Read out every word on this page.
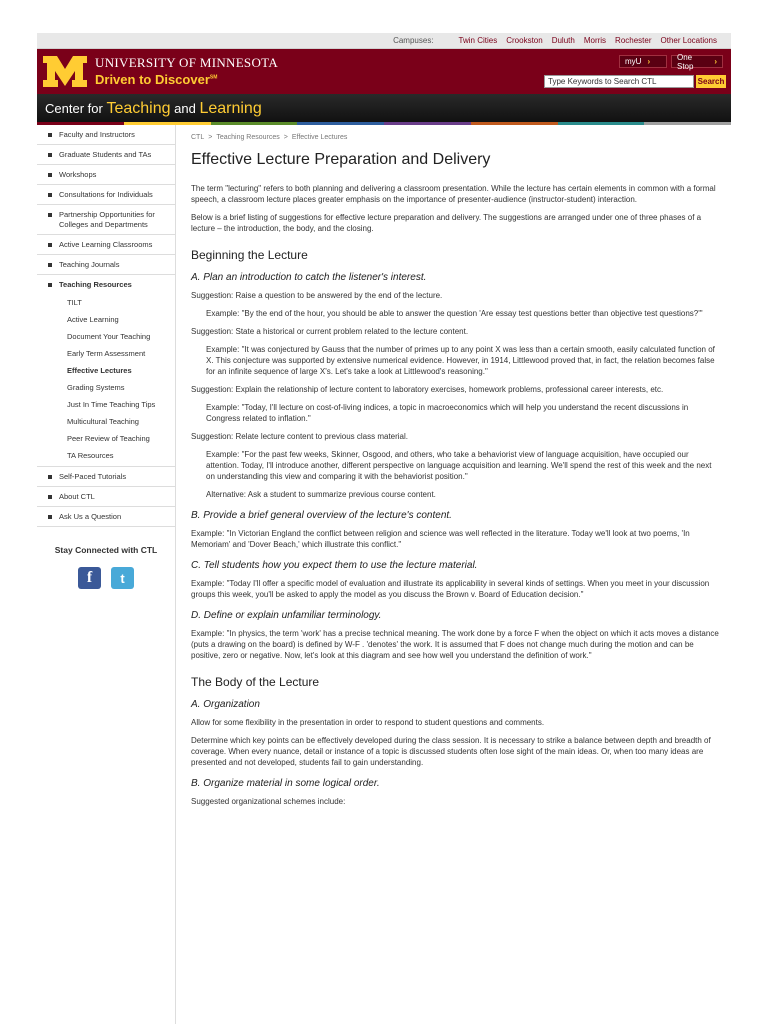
Campuses:	Twin Cities Crookston Duluth Morris Rochester Other Locations
UNIVERSITY OF MINNESOTA
Driven to Discover℠
myU ›	One Stop	›
Type Keywords to Search CTL
Search
Center for Teaching and Learning
Faculty and Instructors
Graduate Students and TAs
Workshops
Consultations for Individuals
Partnership Opportunities for Colleges and Departments
Active Learning Classrooms
Teaching Journals
Teaching Resources
TILT
Active Learning
Document Your Teaching
Early Term Assessment
Effective Lectures
Grading Systems
Just In Time Teaching Tips
Multicultural Teaching
Peer Review of Teaching
TA Resources
Self-Paced Tutorials
About CTL
Ask Us a Question
Stay Connected with CTL
f	t
CTL > Teaching Resources > Effective Lectures
Effective Lecture Preparation and Delivery

The term "lecturing" refers to both planning and delivering a classroom presentation. While the lecture has certain elements in common with a formal speech, a classroom lecture places greater emphasis on the importance of presenter-audience (instructor-student) interaction.

Below is a brief listing of suggestions for effective lecture preparation and delivery. The suggestions are arranged under one of three phases of a lecture – the introduction, the body, and the closing.

Beginning the Lecture
A. Plan an introduction to catch the listener's interest.

Suggestion: Raise a question to be answered by the end of the lecture.

Example: "By the end of the hour, you should be able to answer the question 'Are essay test questions better than objective test questions?'"

Suggestion: State a historical or current problem related to the lecture content.

Example: "It was conjectured by Gauss that the number of primes up to any point X was less than a certain smooth, easily calculated function of X. This conjecture was supported by extensive numerical evidence. However, in 1914, Littlewood proved that, in fact, the relation becomes false for an infinite sequence of large X's. Let's take a look at Littlewood's reasoning."

Suggestion: Explain the relationship of lecture content to laboratory exercises, homework problems, professional career interests, etc.

Example: "Today, I'll lecture on cost-of-living indices, a topic in macroeconomics which will help you understand the recent discussions in Congress related to inflation."

Suggestion: Relate lecture content to previous class material.

Example: "For the past few weeks, Skinner, Osgood, and others, who take a behaviorist view of language acquisition, have occupied our attention. Today, I'll introduce another, different perspective on language acquisition and learning. We'll spend the rest of this week and the next on understanding this view and comparing it with the behaviorist position."

Alternative: Ask a student to summarize previous course content.

B. Provide a brief general overview of the lecture's content.

Example: "In Victorian England the conflict between religion and science was well reflected in the literature. Today we'll look at two poems, 'In Memoriam' and 'Dover Beach,' which illustrate this conflict."

C. Tell students how you expect them to use the lecture material.

Example: "Today I'll offer a specific model of evaluation and illustrate its applicability in several kinds of settings. When you meet in your discussion groups this week, you'll be asked to apply the model as you discuss the Brown v. Board of Education decision."

D. Define or explain unfamiliar terminology.

Example: "In physics, the term 'work' has a precise technical meaning. The work done by a force F when the object on which it acts moves a distance (puts a drawing on the board) is defined by W-F . 'denotes' the work. It is assumed that F does not change much during the motion and can be positive, zero or negative. Now, let's look at this diagram and see how well you understand the definition of work."

The Body of the Lecture
A. Organization

Allow for some flexibility in the presentation in order to respond to student questions and comments.

Determine which key points can be effectively developed during the class session. It is necessary to strike a balance between depth and breadth of coverage. When every nuance, detail or instance of a topic is discussed students often lose sight of the main ideas. Or, when too many ideas are presented and not developed, students fail to gain understanding.

B. Organize material in some logical order.

Suggested organizational schemes include:
